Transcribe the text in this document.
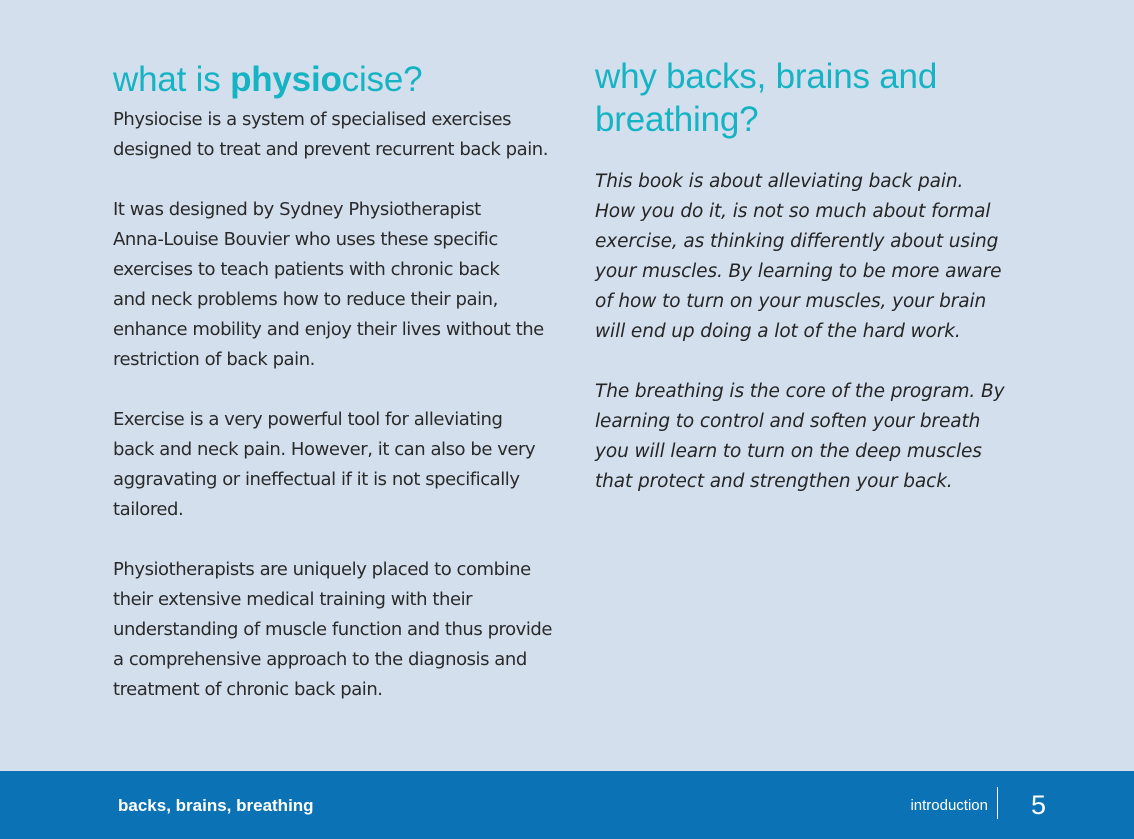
what is physiocise?

Physiocise is a system of specialised exercises
designed to treat and prevent recurrent back pain.

It was designed by Sydney Physiotherapist
Anna-Louise Bouvier who uses these specific
exercises to teach patients with chronic back
and neck problems how to reduce their pain,
enhance mobility and enjoy their lives without the
restriction of back pain.

Exercise is a very powerful tool for alleviating
back and neck pain. However, it can also be very
aggravating or ineffectual if it is not specifically
tailored.

Physiotherapists are uniquely placed to combine
their extensive medical training with their
understanding of muscle function and thus provide
a comprehensive approach to the diagnosis and
treatment of chronic back pain.

why backs, brains and
breathing?

This book is about alleviating back pain.
How you do it, is not so much about formal
exercise, as thinking differently about using
your muscles. By learning to be more aware
of how to turn on your muscles, your brain
will end up doing a lot of the hard work.

The breathing is the core of the program. By
learning to control and soften your breath
you will learn to turn on the deep muscles
that protect and strengthen your back.

backs, brains, breathing	introduction 5
